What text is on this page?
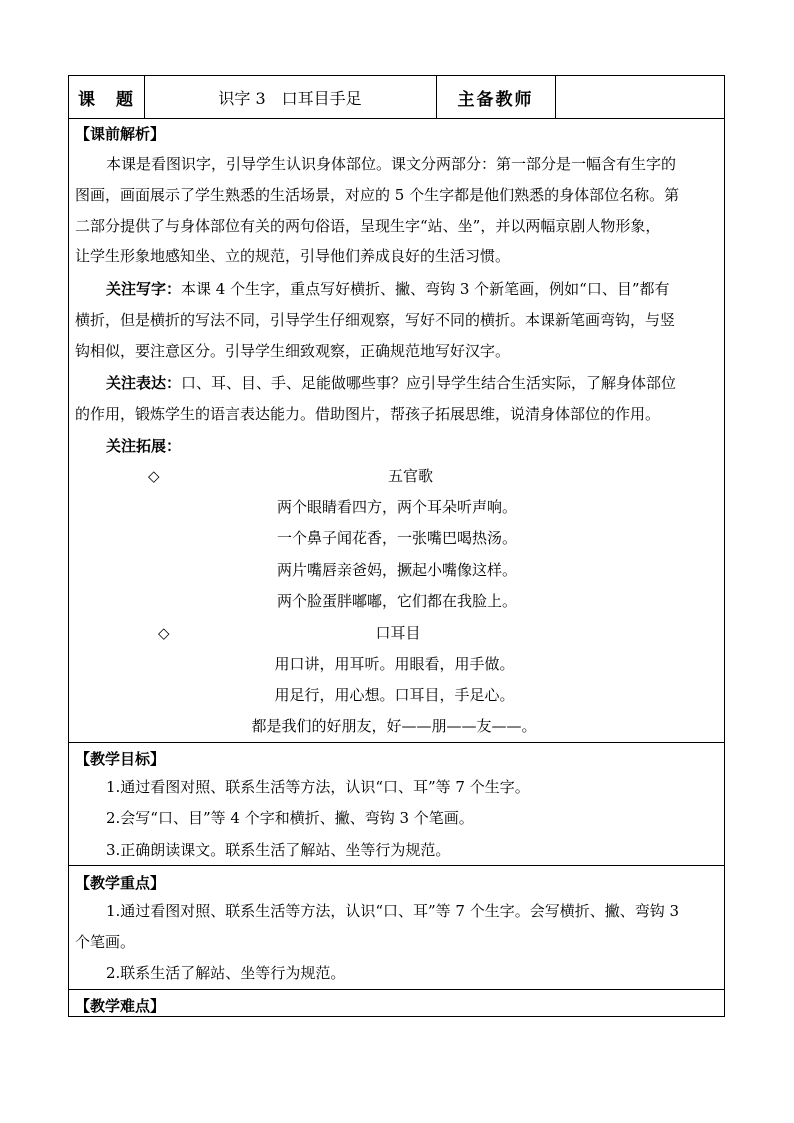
课　题	识字 3　口耳目手足	主备教师
【课前解析】
本课是看图识字，引导学生认识身体部位。课文分两部分：第一部分是一幅含有生字的
图画，画面展示了学生熟悉的生活场景，对应的 5 个生字都是他们熟悉的身体部位名称。第
二部分提供了与身体部位有关的两句俗语，呈现生字“站、坐”，并以两幅京剧人物形象，
让学生形象地感知坐、立的规范，引导他们养成良好的生活习惯。
关注写字：本课 4 个生字，重点写好横折、撇、弯钩 3 个新笔画，例如“口、目”都有
横折，但是横折的写法不同，引导学生仔细观察，写好不同的横折。本课新笔画弯钩，与竖
钩相似，要注意区分。引导学生细致观察，正确规范地写好汉字。
关注表达：口、耳、目、手、足能做哪些事？应引导学生结合生活实际，了解身体部位
的作用，锻炼学生的语言表达能力。借助图片，帮孩子拓展思维，说清身体部位的作用。
关注拓展：
◇	五官歌
两个眼睛看四方，两个耳朵听声响。
一个鼻子闻花香，一张嘴巴喝热汤。
两片嘴唇亲爸妈，撅起小嘴像这样。
两个脸蛋胖嘟嘟，它们都在我脸上。
◇	口耳目
用口讲，用耳听。用眼看，用手做。
用足行，用心想。口耳目，手足心。
都是我们的好朋友，好——朋——友——。
【教学目标】
1.通过看图对照、联系生活等方法，认识“口、耳”等 7 个生字。
2.会写“口、目”等 4 个字和横折、撇、弯钩 3 个笔画。
3.正确朗读课文。联系生活了解站、坐等行为规范。
【教学重点】
1.通过看图对照、联系生活等方法，认识“口、耳”等 7 个生字。会写横折、撇、弯钩 3
个笔画。
2.联系生活了解站、坐等行为规范。
【教学难点】
